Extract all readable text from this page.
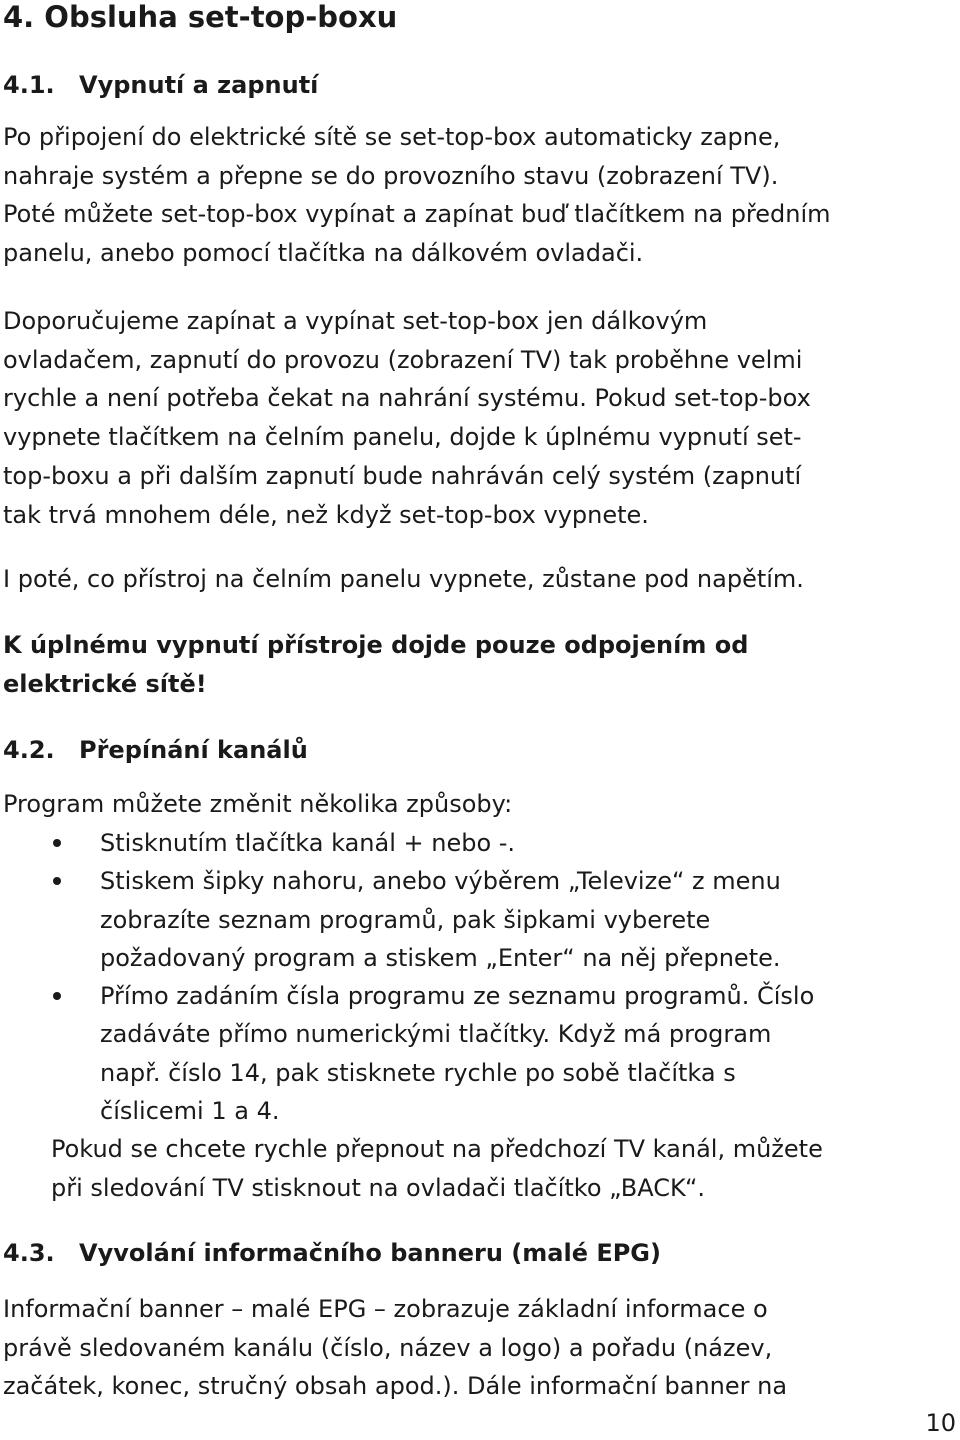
4. Obsluha set-top-boxu
4.1. Vypnutí a zapnutí

Po připojení do elektrické sítě se set-top-box automaticky zapne,
nahraje systém a přepne se do provozního stavu (zobrazení TV).
Poté můžete set-top-box vypínat a zapínat buď tlačítkem na předním
panelu, anebo pomocí tlačítka na dálkovém ovladači.

Doporučujeme zapínat a vypínat set-top-box jen dálkovým
ovladačem, zapnutí do provozu (zobrazení TV) tak proběhne velmi
rychle a není potřeba čekat na nahrání systému. Pokud set-top-box
vypnete tlačítkem na čelním panelu, dojde k úplnému vypnutí set-
top-boxu a při dalším zapnutí bude nahráván celý systém (zapnutí
tak trvá mnohem déle, než když set-top-box vypnete.

I poté, co přístroj na čelním panelu vypnete, zůstane pod napětím.

K úplnému vypnutí přístroje dojde pouze odpojením od
elektrické sítě!

4.2. Přepínání kanálů

Program můžete změnit několika způsoby:

Stisknutím tlačítka kanál + nebo -.
Stiskem šipky nahoru, anebo výběrem „Televize“ z menu
zobrazíte seznam programů, pak šipkami vyberete
požadovaný program a stiskem „Enter“ na něj přepnete.
Přímo zadáním čísla programu ze seznamu programů. Číslo
zadáváte přímo numerickými tlačítky. Když má program
např. číslo 14, pak stisknete rychle po sobě tlačítka s
číslicemi 1 a 4.

Pokud se chcete rychle přepnout na předchozí TV kanál, můžete
při sledování TV stisknout na ovladači tlačítko „BACK“.

4.3. Vyvolání informačního banneru (malé EPG)

Informační banner – malé EPG – zobrazuje základní informace o
právě sledovaném kanálu (číslo, název a logo) a pořadu (název,
začátek, konec, stručný obsah apod.). Dále informační banner na

10
